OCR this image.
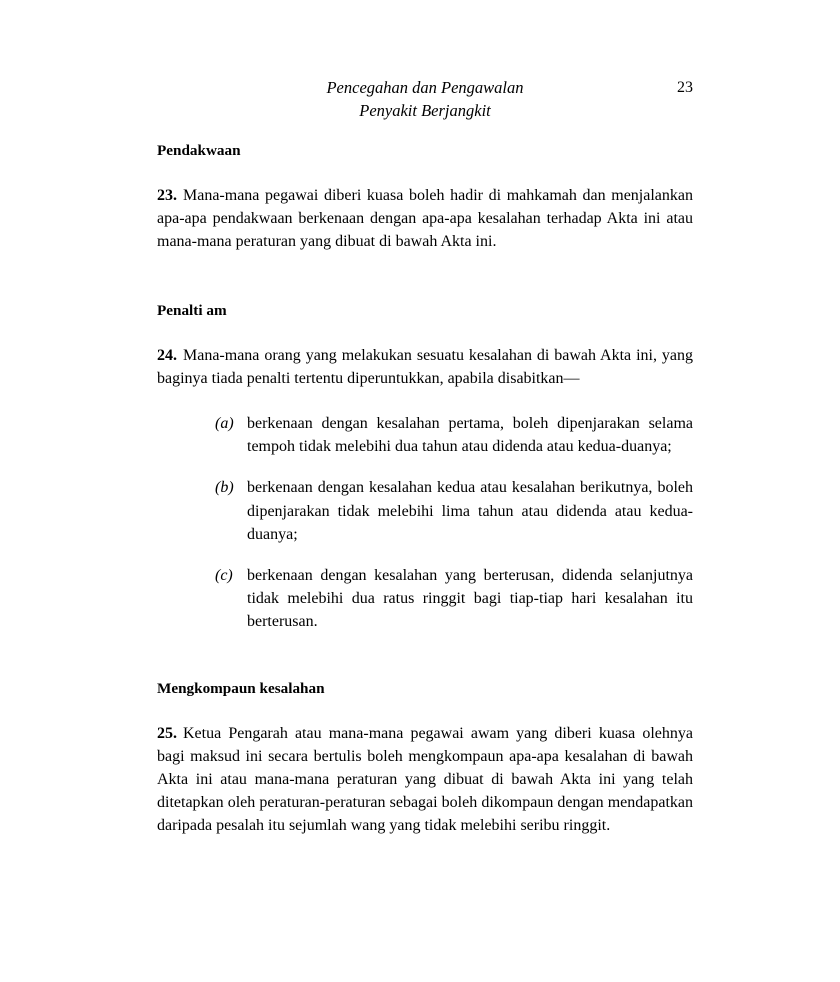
Pencegahan dan Pengawalan
Penyakit Berjangkit
23
Pendakwaan

23. Mana-mana pegawai diberi kuasa boleh hadir di mahkamah dan menjalankan apa-apa pendakwaan berkenaan dengan apa-apa kesalahan terhadap Akta ini atau mana-mana peraturan yang dibuat di bawah Akta ini.

Penalti am

24. Mana-mana orang yang melakukan sesuatu kesalahan di bawah Akta ini, yang baginya tiada penalti tertentu diperuntukkan, apabila disabitkan—

(a) berkenaan dengan kesalahan pertama, boleh dipenjarakan selama tempoh tidak melebihi dua tahun atau didenda atau kedua-duanya;
(b) berkenaan dengan kesalahan kedua atau kesalahan berikutnya, boleh dipenjarakan tidak melebihi lima tahun atau didenda atau kedua-duanya;
(c) berkenaan dengan kesalahan yang berterusan, didenda selanjutnya tidak melebihi dua ratus ringgit bagi tiap-tiap hari kesalahan itu berterusan.
Mengkompaun kesalahan

25. Ketua Pengarah atau mana-mana pegawai awam yang diberi kuasa olehnya bagi maksud ini secara bertulis boleh mengkompaun apa-apa kesalahan di bawah Akta ini atau mana-mana peraturan yang dibuat di bawah Akta ini yang telah ditetapkan oleh peraturan-peraturan sebagai boleh dikompaun dengan mendapatkan daripada pesalah itu sejumlah wang yang tidak melebihi seribu ringgit.
